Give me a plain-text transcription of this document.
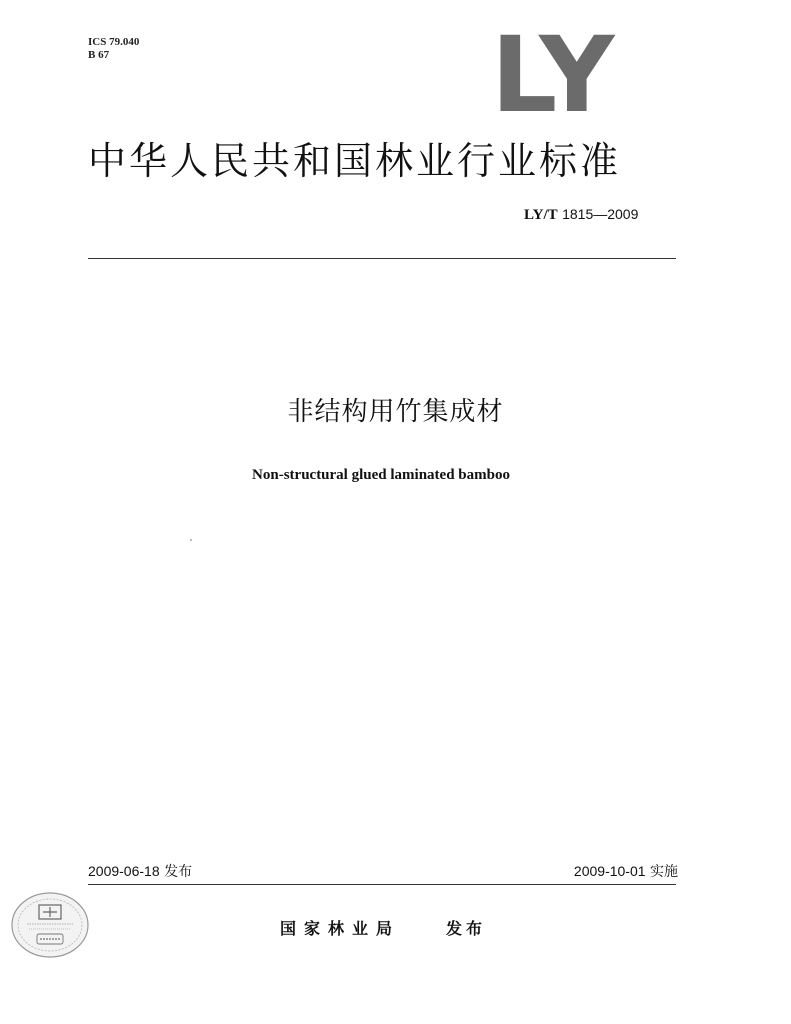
ICS 79.040
B 67	LY
中华人民共和国林业行业标准
LY/T 1815—2009
非结构用竹集成材
Non-structural glued laminated bamboo
2009-06-18 发布	2009-10-01 实施
国家林业局	发布
